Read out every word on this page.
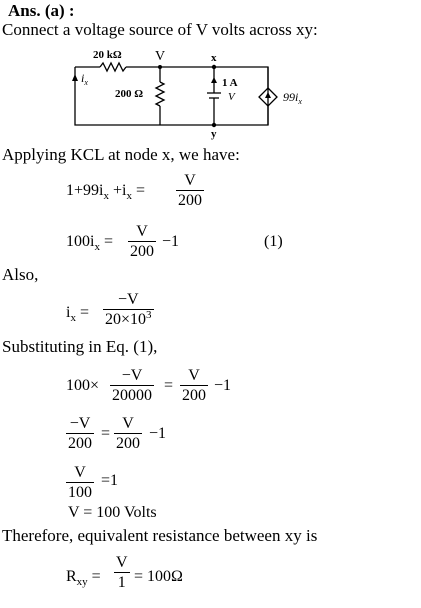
Ans. (a) :
Connect a voltage source of V volts across xy:
20 kΩ V	x
y
$i_x$
200 Ω
1 A
V	$99i_x$
Applying KCL at node x, we have:
$1+99i_x +i_x = \frac{V}{200}$
$100i_x = \frac{V}{200} -1$	(1)
Also,
$i_x = \frac{-V}{20\times 10^3}$
Substituting in Eq. (1),
$100\times \frac{-V}{20000} = \frac{V}{200} -1$
$\frac{-V}{200} = \frac{V}{200} -1$
$\frac{V}{100} =1$
V = 100 Volts
Therefore, equivalent resistance between xy is
$R_{xy} = \frac{V}{1} = 100\Omega$
